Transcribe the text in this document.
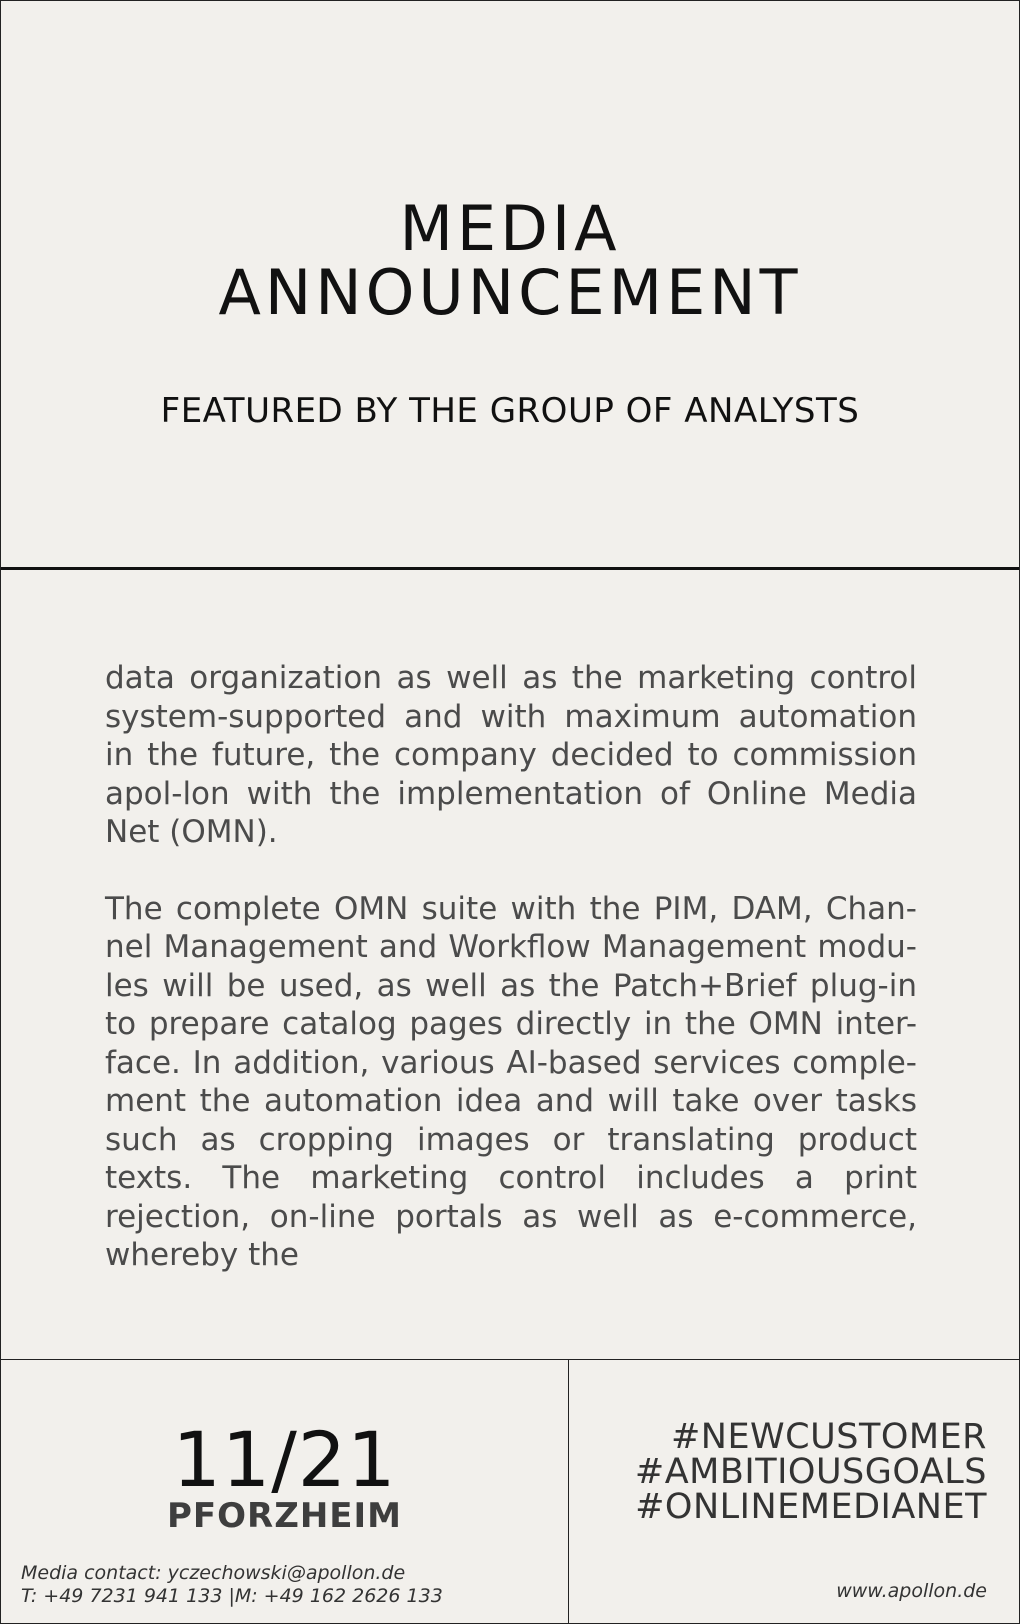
MEDIA
ANNOUNCEMENT
FEATURED BY THE GROUP OF ANALYSTS

data organization as well as the marketing control system-supported and with maximum automation in the future, the company decided to commission apol-lon with the implementation of Online Media Net (OMN).

The complete OMN suite with the PIM, DAM, Chan-nel Management and Workflow Management modu-les will be used, as well as the Patch+Brief plug-in to prepare catalog pages directly in the OMN inter-face. In addition, various AI-based services comple-ment the automation idea and will take over tasks such as cropping images or translating product texts. The marketing control includes a print rejection, on-line portals as well as e-commerce, whereby the

11/21
PFORZHEIM
Media contact: yczechowski@apollon.de
T: +49 7231 941 133 |M: +49 162 2626 133
#NEWCUSTOMER
#AMBITIOUSGOALS
#ONLINEMEDIANET
www.apollon.de
